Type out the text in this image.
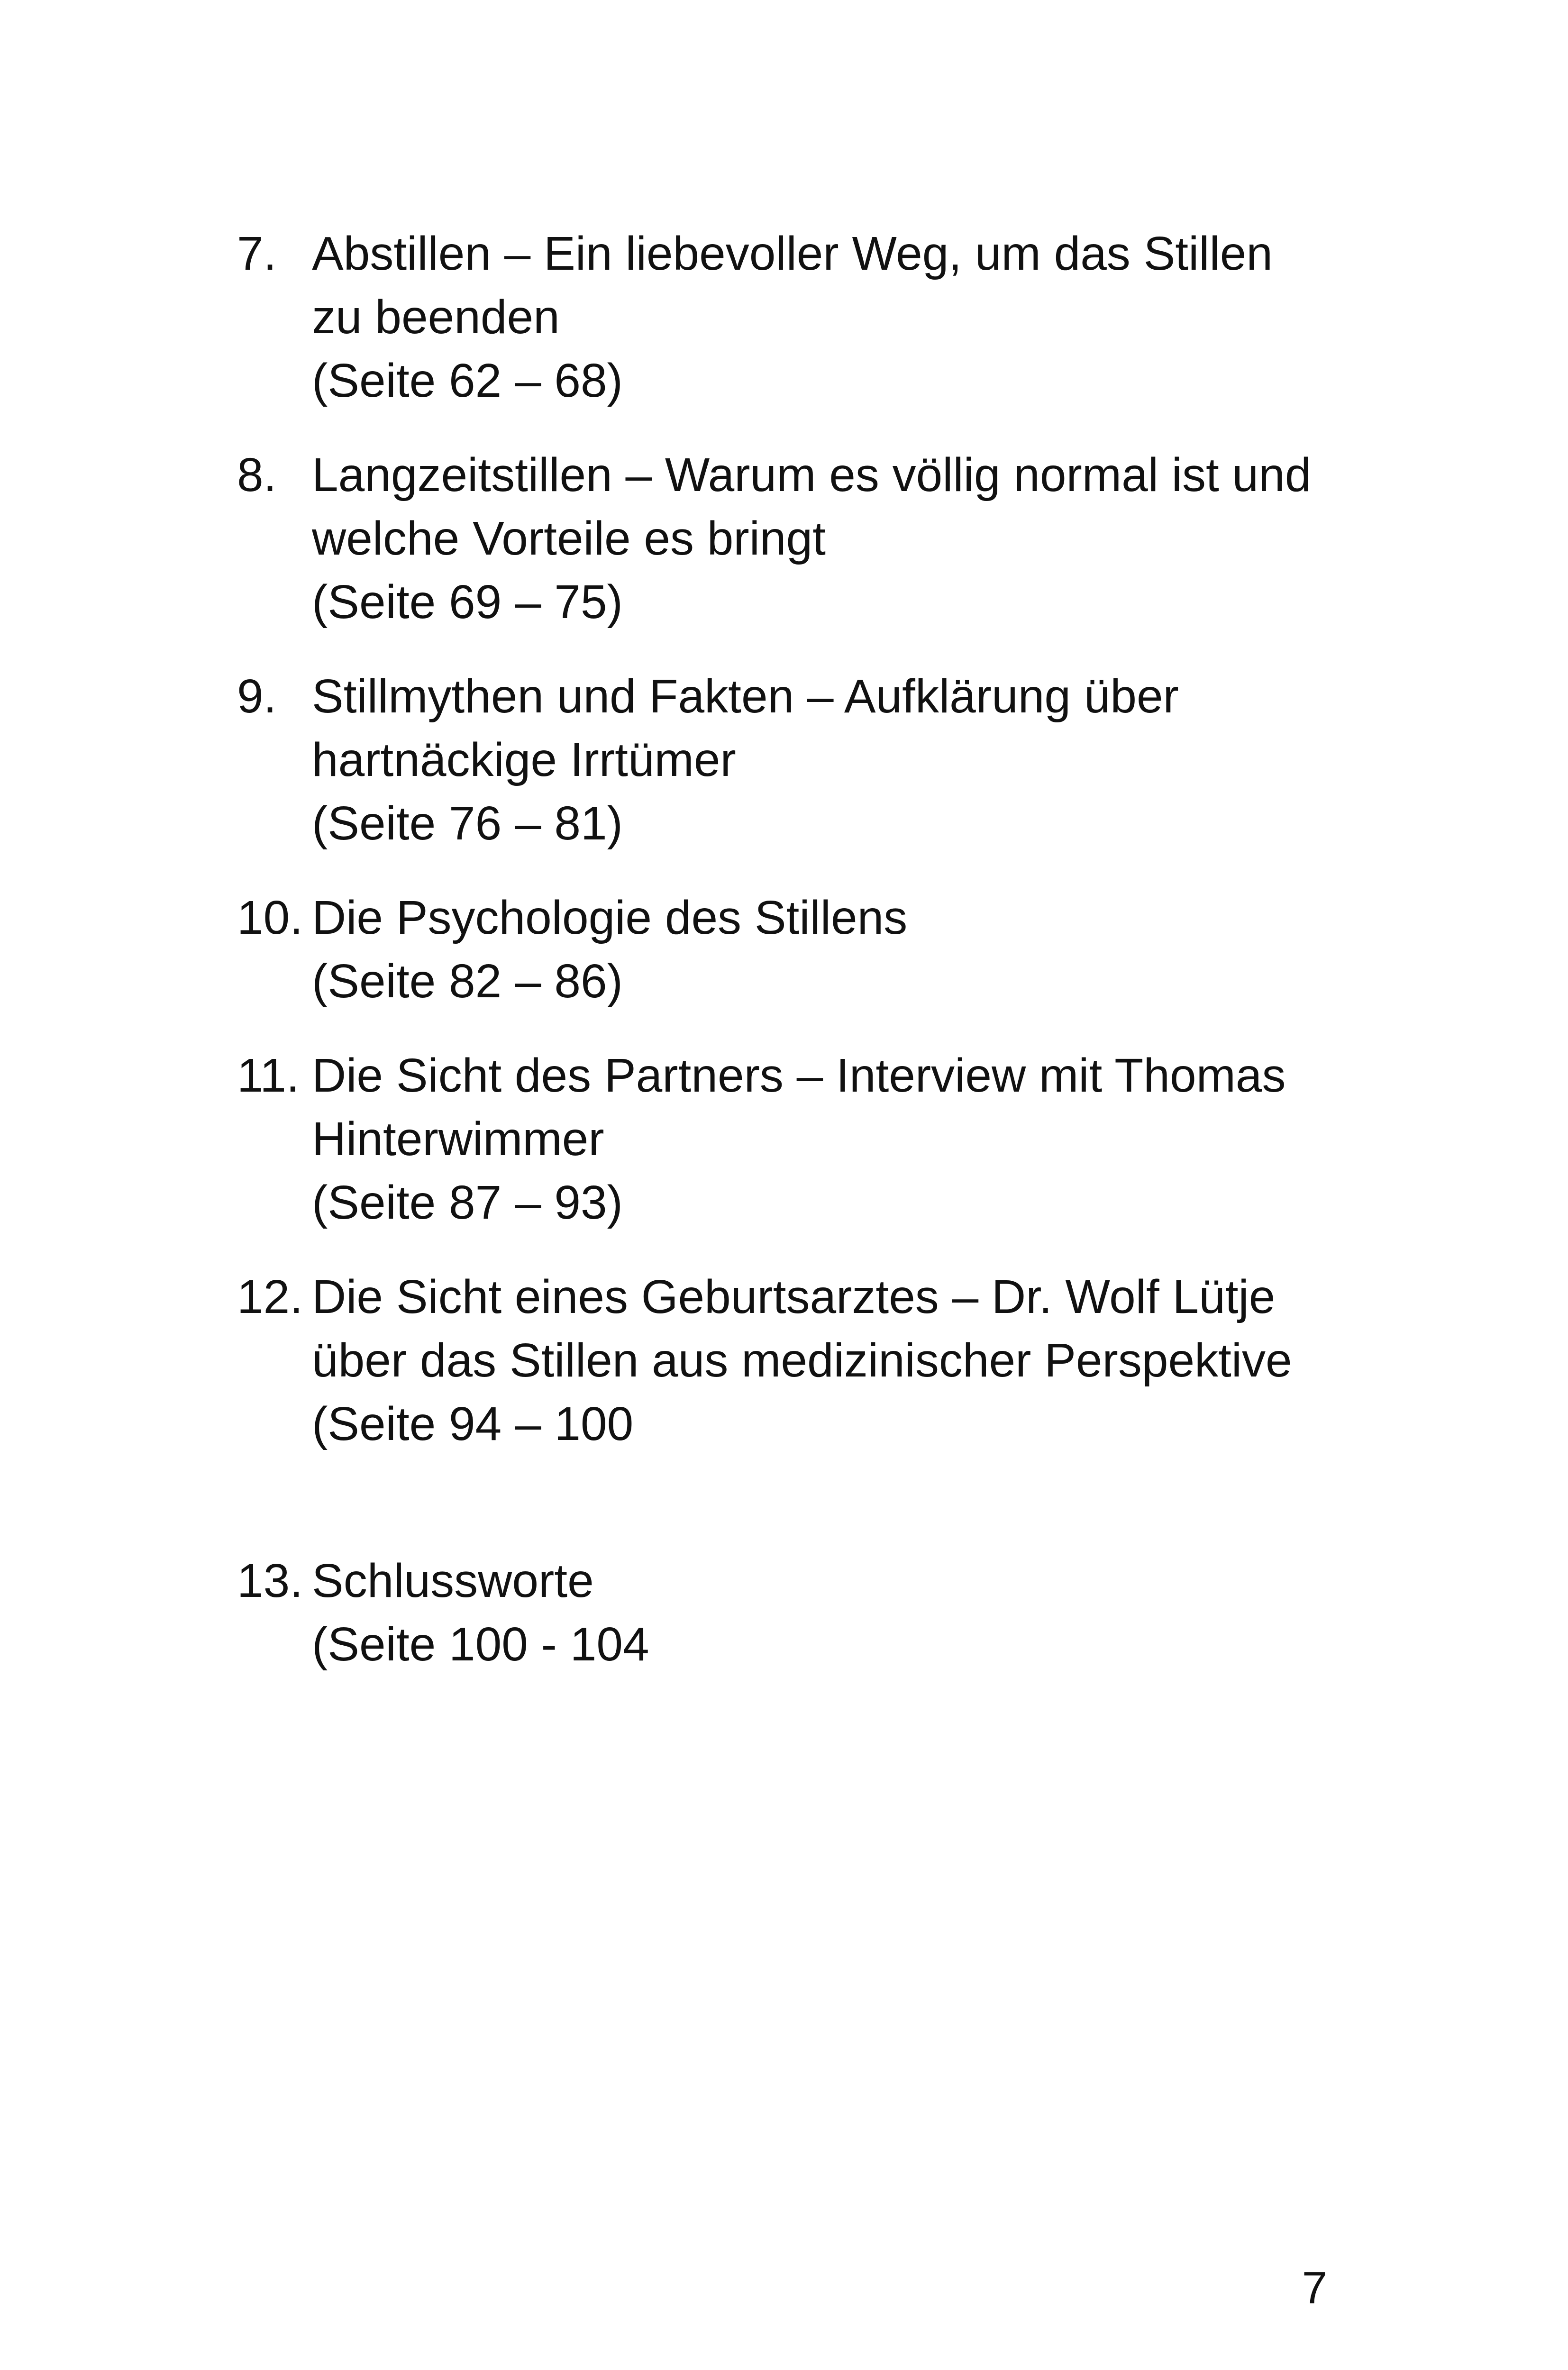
7. Abstillen – Ein liebevoller Weg, um das Stillen
zu beenden
(Seite 62 – 68)
8. Langzeitstillen – Warum es völlig normal ist und
welche Vorteile es bringt
(Seite 69 – 75)
9. Stillmythen und Fakten – Aufklärung über
hartnäckige Irrtümer
(Seite 76 – 81)
10. Die Psychologie des Stillens
(Seite 82 – 86)
11. Die Sicht des Partners – Interview mit Thomas
Hinterwimmer
(Seite 87 – 93)
12. Die Sicht eines Geburtsarztes – Dr. Wolf Lütje
über das Stillen aus medizinischer Perspektive
(Seite 94 – 100
13. Schlussworte
(Seite 100 - 104
7
